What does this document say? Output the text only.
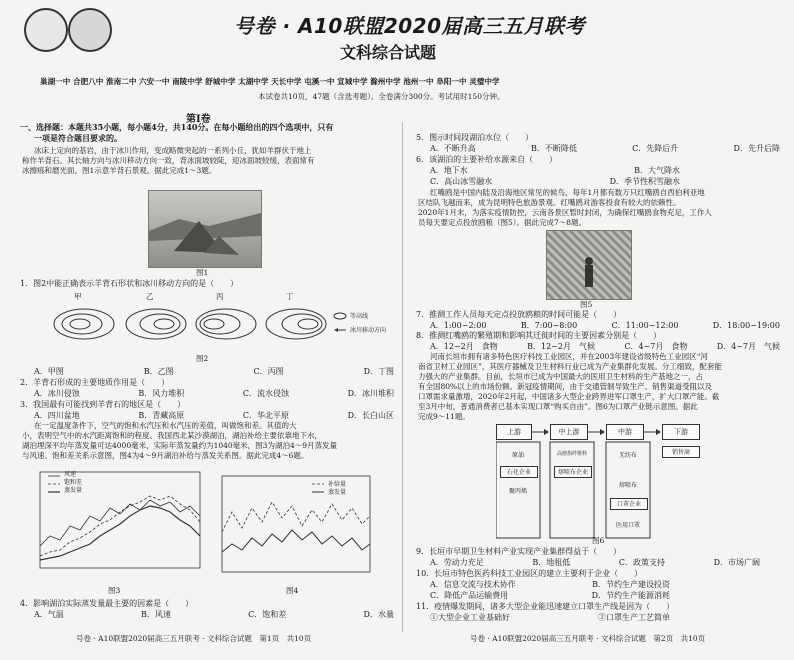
号卷 · A10联盟2020届高三五月联考
文科综合试题
巢湖一中 合肥八中 淮南二中 六安一中 南陵中学 舒城中学 太湖中学 天长中学 屯溪一中 宣城中学 滁州中学 池州一中 阜阳一中 灵璧中学
本试卷共10页，47题（含选考题）。全卷满分300分。考试用时150分钟。
第Ⅰ卷
一、选择题：本题共35小题，每小题4分，共140分。在每小题给出的四个选项中，只有
一项是符合题目要求的。
冰床上定向的基岩，由于冰川作用，变成略微突起的一系列小丘，犹如羊群伏于地上
称作羊背石。其长轴方向与冰川移动方向一致，背冰面坡较陡，迎冰面坡较缓，表面常有
冰擦痕和磨光面。图1示意羊背石景观。据此完成1～3题。
图1
1．图2中能正确表示羊背石形状和冰川移动方向的是（　　）
甲	乙	丙	丁
等高线
冰川移动方向
图2
A．甲图	B．乙图	C．丙图	D．丁图
2．羊背石形成的主要地质作用是（　　）
A．冰川侵蚀	B．风力堆积	C．流水侵蚀	D．冰川堆积
3．我国最有可能找到羊背石的地区是（　　）
A．四川盆地	B．青藏高原	C．华北平原	D．长白山区
在一定温度条件下，空气的饱和水汽压和水汽压的差值，叫做饱和差。其值的大
小，表明空气中的水汽距离饱和的程度。我国西北某沙漠湖泊，湖泊补给主要依靠地下水，
湖泊埋深平均年蒸发量可达4000毫米，实际年蒸发量约为1040毫米，图3为湖泊4～9月蒸发量
与风速、饱和差关系示意图，图4为4～9月湖泊补给与蒸发关系图。据此完成4～6题。
风速
饱和差
蒸发量
图3
补给量
蒸发量
图4
4．影响湖泊实际蒸发量最主要的因素是（　　）
A．气温	B．风速	C．饱和差	D．水量
号卷 · A10联盟2020届高三五月联考 · 文科综合试题　第1页　共10页
5．图示时间段湖泊水位（　　）
A．不断升高	B．不断降低	C．先降后升	D．先升后降
6．该湖泊的主要补给水源来自（　　）
A．地下水	B．大气降水
C．高山冰雪融水	D．季节性积雪融水
红嘴鸥是中国内陆及沿海地区常见的候鸟，每年1月都有数万只红嘴鸥自西伯利亚地
区结队飞越而来，成为昆明特色旅游景观。红嘴鸥对游客投食有较大的依赖性。
2020年1月末，为落实疫情防控，云南各景区暂时封闭，为确保红嘴鸥食物充足，工作人
员每天要定点投放鸥粮（图5）。据此完成7～8题。
图5
7．推测工作人员每天定点投放鸥粮的时间可能是（　　）
A．1:00~2:00	B．7:00~8:00	C．11:00~12:00	D．18:00~19:00
8．推测红嘴鸥的繁殖期和影响其迁徙时间的主要因素分别是（　　）
A．12~2月　食物	B．12~2月　气候	C．4~7月　食物	D．4~7月　气候
河南长垣市拥有诸多特色医疗科技工业园区，并在2003年建设省级特色工业园区“河
南省卫材工业园区”，其医疗器械及卫生材料行业已成为产业集群化发展。分工细致，配套能
力强大的产业集群。目前，长垣市已成为中国最大的医用卫生材料的生产基地之一，占
有全国80%以上的市场份额。新冠疫情期间，由于交通管制导致生产、销售渠道受阻以及
口罩需求量激增，2020年2月起，中国诸多大型企业跨界进军口罩生产，扩大口罩产能。截
至3月中旬，普通消费者已基本实现口罩“购买自由”。图6为口罩产业链示意图。据此
完成9～11题。
上游	中上游	中游	下游
原油
石化企业
聚丙烯
高熔指纤维料
熔喷布企业
无纺布
熔喷布
口罩企业
医用口罩
销售商
图6
9．长垣市早期卫生材料产业实现产业集群得益于（　　）
A．劳动力充足	B．地租低	C．政策支持	D．市场广阔
10．长垣市特色医药科技工业园区的建立主要利于企业（　　）
A．信息交流与技术协作	B．节约生产建设投资
C．降低产品运输费用	D．节约生产能源消耗
11．疫情爆发期间，诸多大型企业能迅速建立口罩生产线是因为（　　）
①大型企业工业基础好	②口罩生产工艺简单
号卷 · A10联盟2020届高三五月联考 · 文科综合试题　第2页　共10页
